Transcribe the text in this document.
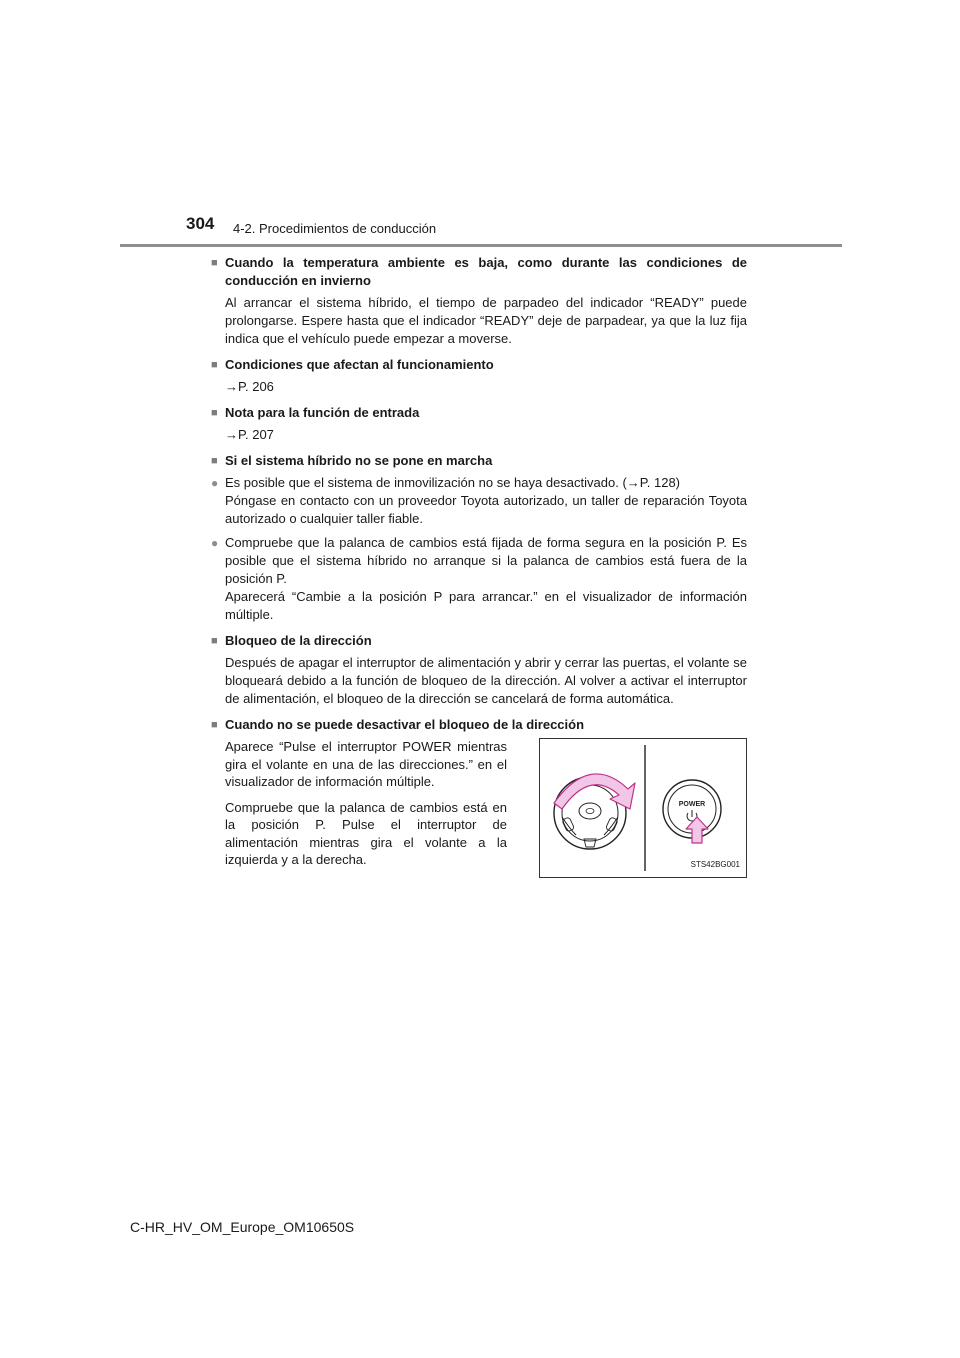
304 4-2. Procedimientos de conducción
■ Cuando la temperatura ambiente es baja, como durante las condiciones de conducción en invierno
Al arrancar el sistema híbrido, el tiempo de parpadeo del indicador “READY” puede prolongarse. Espere hasta que el indicador “READY” deje de parpadear, ya que la luz fija indica que el vehículo puede empezar a moverse.
■ Condiciones que afectan al funcionamiento
→P. 206
■ Nota para la función de entrada
→P. 207
■ Si el sistema híbrido no se pone en marcha
● Es posible que el sistema de inmovilización no se haya desactivado. (→P. 128)

Póngase en contacto con un proveedor Toyota autorizado, un taller de reparación Toyota autorizado o cualquier taller fiable.

● Compruebe que la palanca de cambios está fijada de forma segura en la posición P. Es posible que el sistema híbrido no arranque si la palanca de cambios está fuera de la posición P.

Aparecerá “Cambie a la posición P para arrancar.” en el visualizador de información múltiple.

■ Bloqueo de la dirección
Después de apagar el interruptor de alimentación y abrir y cerrar las puertas, el volante se bloqueará debido a la función de bloqueo de la dirección. Al volver a activar el interruptor de alimentación, el bloqueo de la dirección se cancelará de forma automática.
■ Cuando no se puede desactivar el bloqueo de la dirección

Aparece “Pulse el interruptor POWER mientras gira el volante en una de las direcciones.” en el visualizador de información múltiple.

Compruebe que la palanca de cambios está en la posición P. Pulse el interruptor de alimentación mientras gira el volante a la izquierda y a la derecha.

POWER
STS42BG001
C-HR_HV_OM_Europe_OM10650S
